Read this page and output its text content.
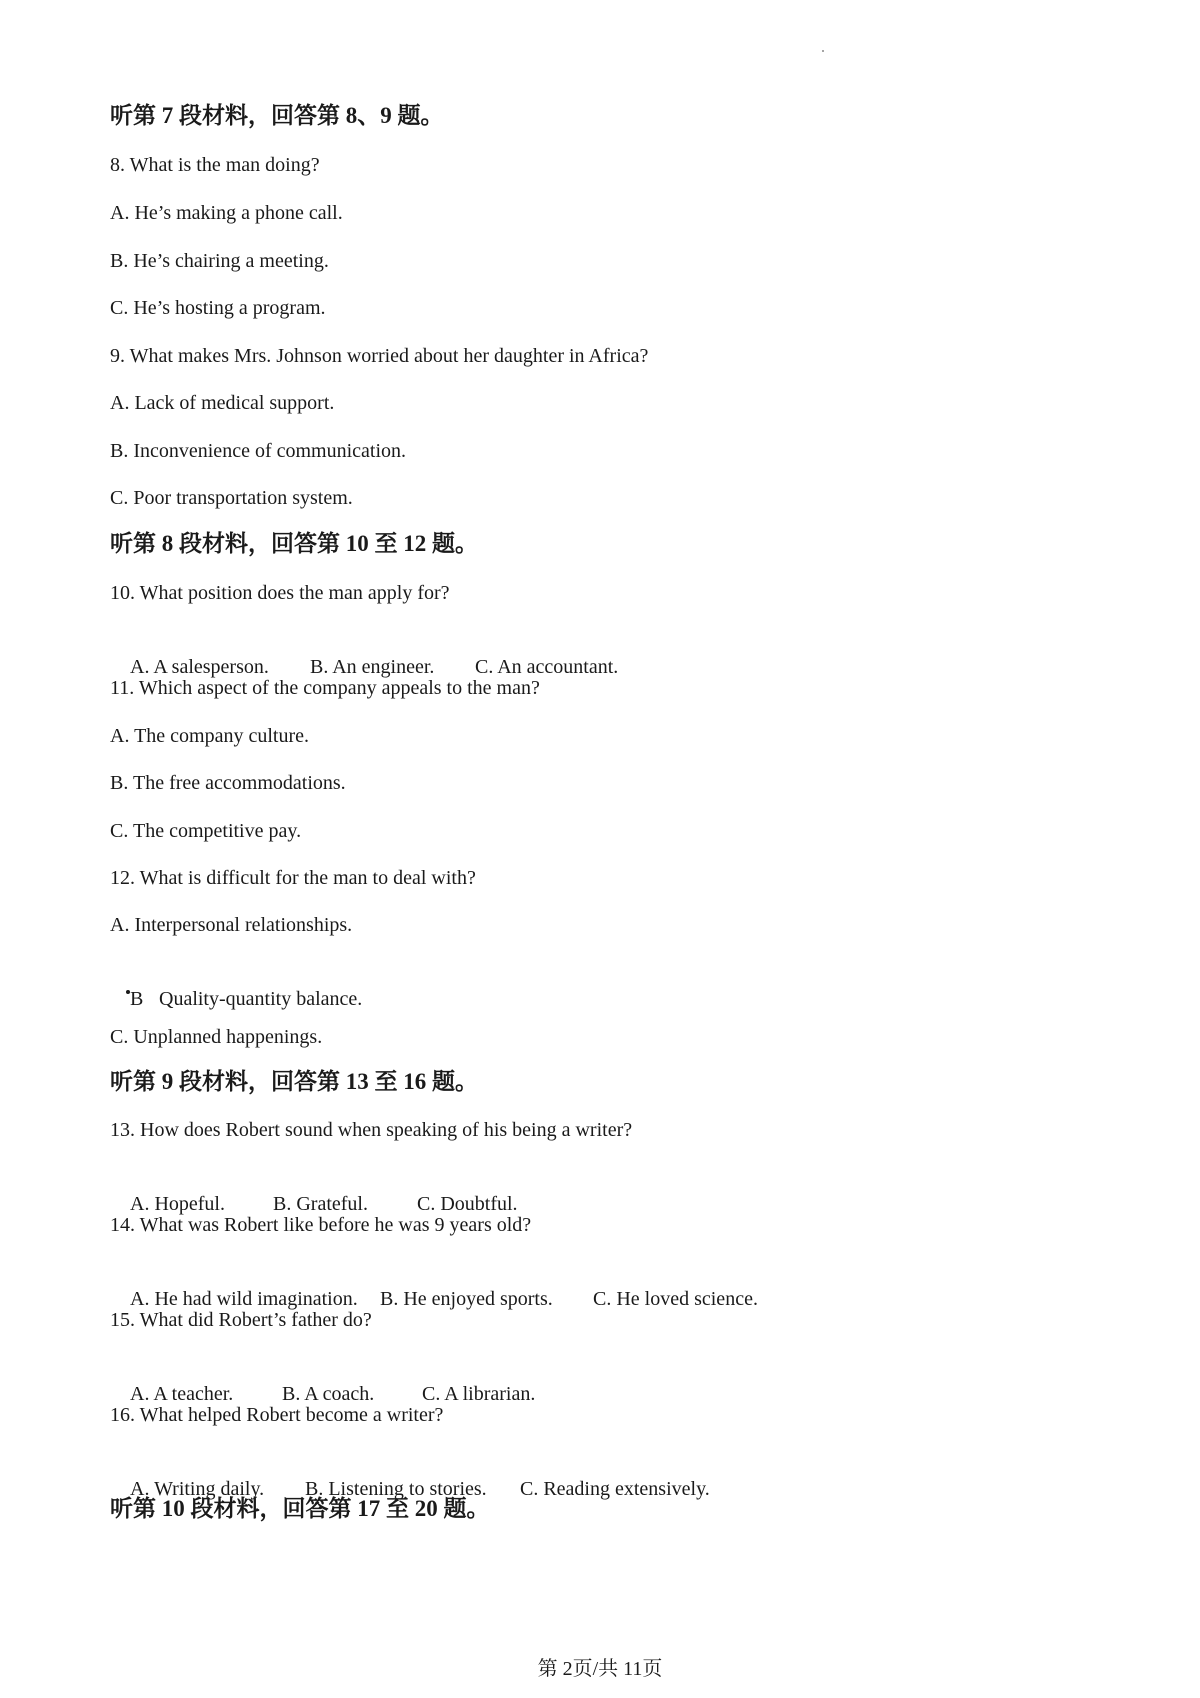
听第 7 段材料，回答第 8、9 题。
8. What is the man doing?
A. He’s making a phone call.
B. He’s chairing a meeting.
C. He’s hosting a program.
9. What makes Mrs. Johnson worried about her daughter in Africa?
A. Lack of medical support.
B. Inconvenience of communication.
C. Poor transportation system.
听第 8 段材料，回答第 10 至 12 题。
10. What position does the man apply for?

A. A salesperson. B. An engineer. C. An accountant.

11. Which aspect of the company appeals to the man?
A. The company culture.
B. The free accommodations.
C. The competitive pay.
12. What is difficult for the man to deal with?
A. Interpersonal relationships.

B Quality-quantity balance.

C. Unplanned happenings.
听第 9 段材料，回答第 13 至 16 题。
13. How does Robert sound when speaking of his being a writer?

A. Hopeful. B. Grateful. C. Doubtful.

14. What was Robert like before he was 9 years old?

A. He had wild imagination. B. He enjoyed sports. C. He loved science.

15. What did Robert’s father do?

A. A teacher. B. A coach. C. A librarian.

16. What helped Robert become a writer?

A. Writing daily. B. Listening to stories. C. Reading extensively.

听第 10 段材料，回答第 17 至 20 题。
第 2页/共 11页
